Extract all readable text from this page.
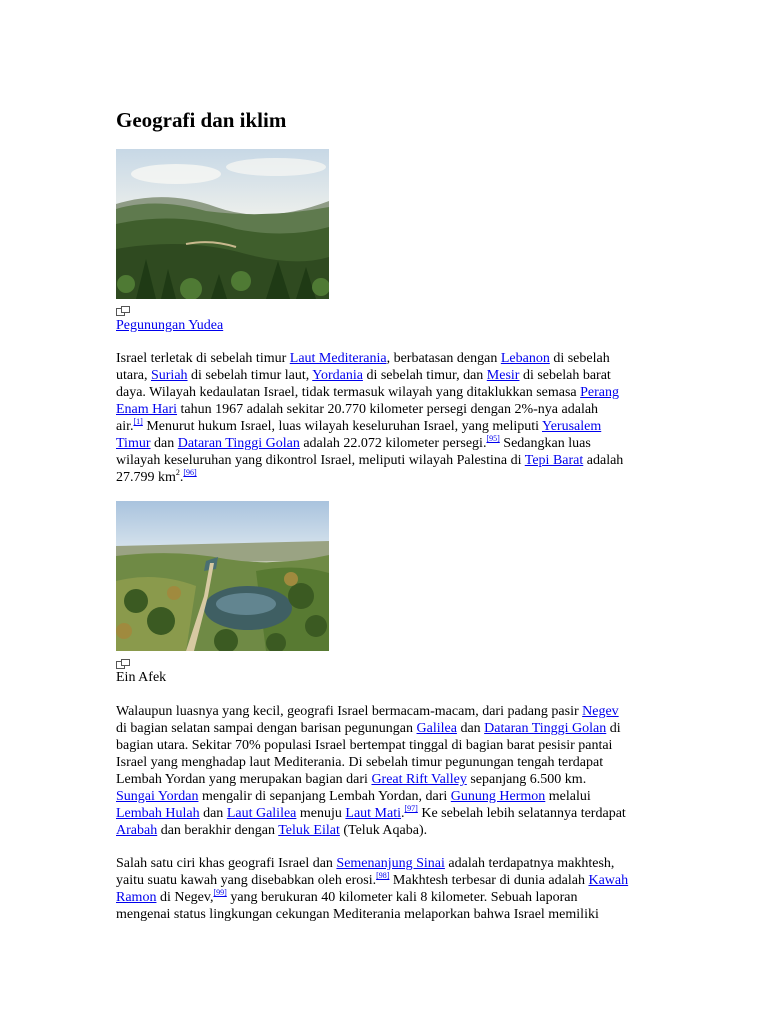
Geografi dan iklim
Pegunungan Yudea
Israel terletak di sebelah timur Laut Mediterania, berbatasan dengan Lebanon di sebelah
utara, Suriah di sebelah timur laut, Yordania di sebelah timur, dan Mesir di sebelah barat
daya. Wilayah kedaulatan Israel, tidak termasuk wilayah yang ditaklukkan semasa Perang
Enam Hari tahun 1967 adalah sekitar 20.770 kilometer persegi dengan 2%-nya adalah
air.[1] Menurut hukum Israel, luas wilayah keseluruhan Israel, yang meliputi Yerusalem
Timur dan Dataran Tinggi Golan adalah 22.072 kilometer persegi.[95] Sedangkan luas
wilayah keseluruhan yang dikontrol Israel, meliputi wilayah Palestina di Tepi Barat adalah
27.799 $km^2.[96]$
Ein Afek
Walaupun luasnya yang kecil, geografi Israel bermacam-macam, dari padang pasir Negev
di bagian selatan sampai dengan barisan pegunungan Galilea dan Dataran Tinggi Golan di
bagian utara. Sekitar 70% populasi Israel bertempat tinggal di bagian barat pesisir pantai
Israel yang menghadap laut Mediterania. Di sebelah timur pegunungan tengah terdapat
Lembah Yordan yang merupakan bagian dari Great Rift Valley sepanjang 6.500 km.
Sungai Yordan mengalir di sepanjang Lembah Yordan, dari Gunung Hermon melalui
Lembah Hulah dan Laut Galilea menuju Laut Mati.[97] Ke sebelah lebih selatannya terdapat
Arabah dan berakhir dengan Teluk Eilat (Teluk Aqaba).
Salah satu ciri khas geografi Israel dan Semenanjung Sinai adalah terdapatnya makhtesh,
yaitu suatu kawah yang disebabkan oleh erosi.[98] Makhtesh terbesar di dunia adalah Kawah
Ramon di Negev,[99] yang berukuran 40 kilometer kali 8 kilometer. Sebuah laporan
mengenai status lingkungan cekungan Mediterania melaporkan bahwa Israel memiliki
